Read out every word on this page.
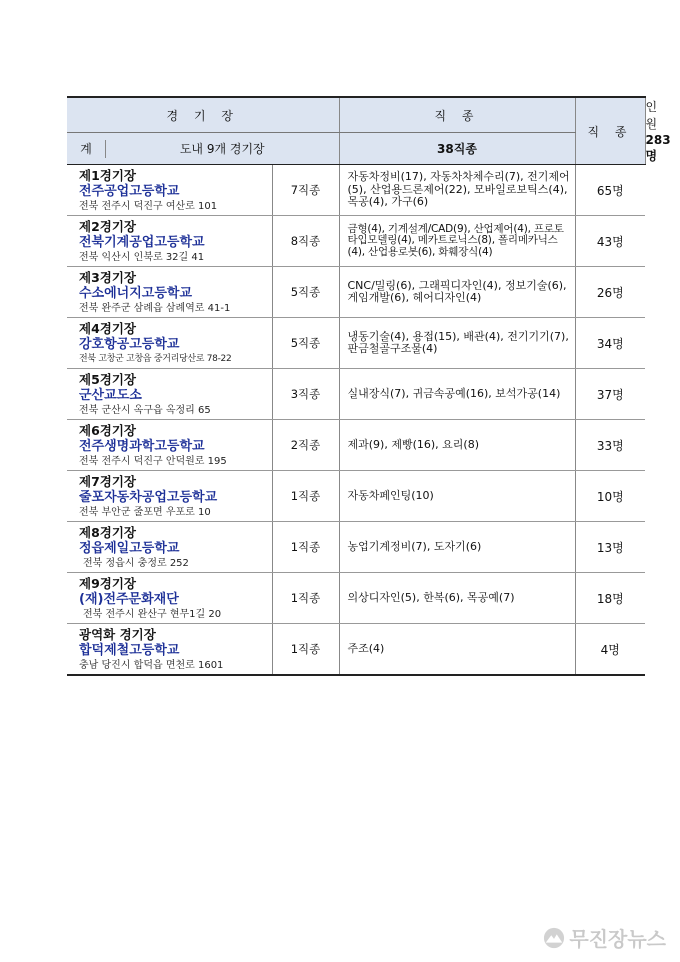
경 기 장		직 종	직 종	인 원

계 도내 9개 경기장		38직종		283명

제1경기장
전주공업고등학교
전북 전주시 덕진구 여산로 101	7직종	자동차정비(17), 자동차차체수리(7), 전기제어(5), 산업용드론제어(22), 모바일로보틱스(4), 목공(4), 가구(6)	65명	

제2경기장
전북기계공업고등학교
전북 익산시 인북로 32길 41	8직종	금형(4), 기계설계/CAD(9), 산업제어(4), 프로토타입모델링(4), 메카트로닉스(8), 폴리메카닉스(4), 산업용로봇(6), 화훼장식(4)	43명	

제3경기장
수소에너지고등학교
전북 완주군 삼례읍 삼례역로 41-1	5직종	CNC/밀링(6), 그래픽디자인(4), 정보기술(6), 게임개발(6), 헤어디자인(4)	26명	

제4경기장
강호항공고등학교
전북 고창군 고창읍 중거리당산로 78-22	5직종	냉동기술(4), 용접(15), 배관(4), 전기기기(7), 판금철골구조물(4)	34명	

제5경기장
군산교도소
전북 군산시 옥구읍 옥정리 65	3직종	실내장식(7), 귀금속공예(16), 보석가공(14)	37명	

제6경기장
전주생명과학고등학교
전북 전주시 덕진구 안덕원로 195	2직종	제과(9), 제빵(16), 요리(8)	33명	

제7경기장
줄포자동차공업고등학교
전북 부안군 줄포면 우포로 10	1직종	자동차페인팅(10)	10명	

제8경기장
정읍제일고등학교
전북 정읍시 충정로 252	1직종	농업기계정비(7), 도자기(6)	13명	

제9경기장
(재)전주문화재단
전북 전주시 완산구 현무1길 20	1직종	의상디자인(5), 한복(6), 목공예(7)	18명	

광역화 경기장
합덕제철고등학교
충남 당진시 합덕읍 면천로 1601	1직종	주조(4)	4명	
무진장뉴스
